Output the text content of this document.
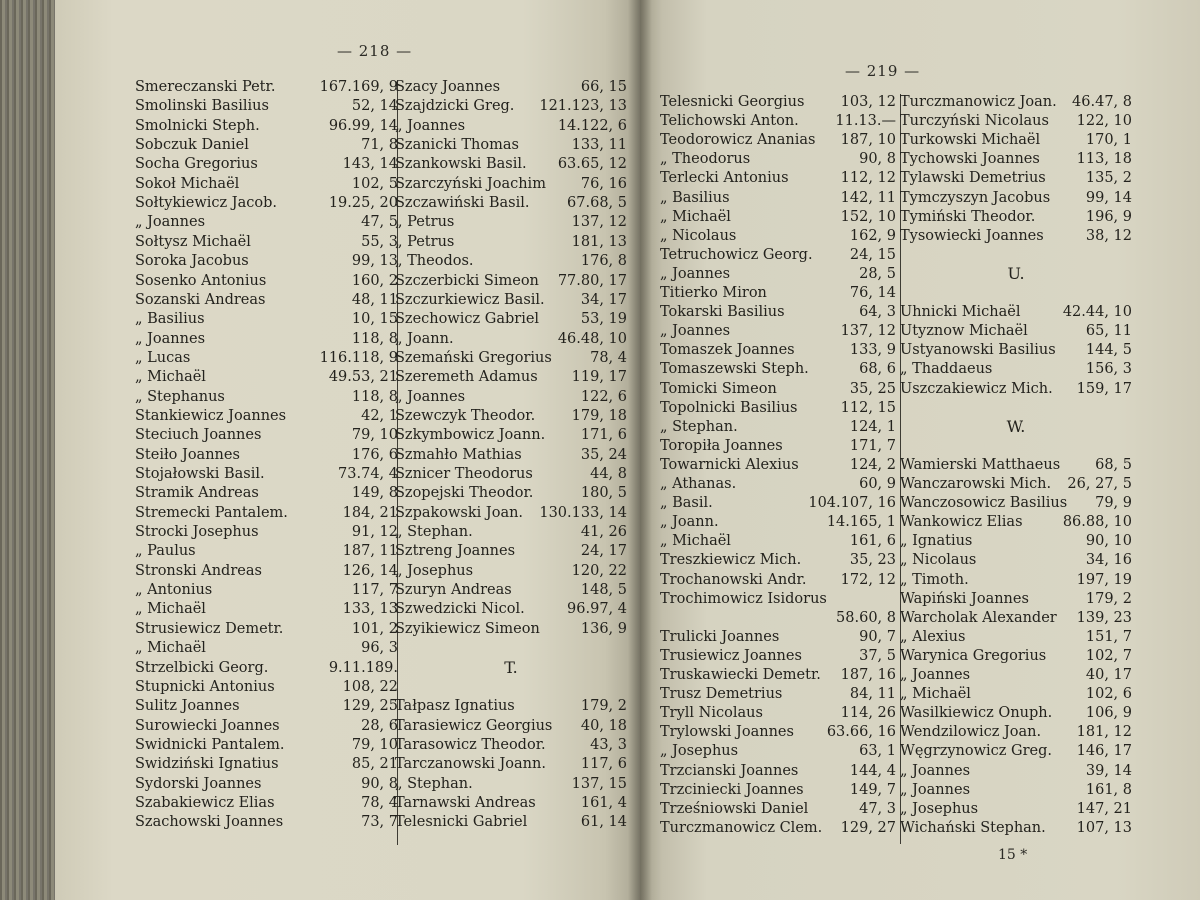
— 218 —
Smereczanski Petr.	167.169, 9
Smolinski Basilius	52, 14
Smolnicki Steph.	96.99, 14
Sobczuk Daniel	71, 8
Socha Gregorius	143, 14
Sokoł Michaël	102, 5
Sołtykiewicz Jacob.	19.25, 20
„ Joannes	47, 5
Sołtysz Michaël	55, 3
Soroka Jacobus	99, 13
Sosenko Antonius	160, 2
Sozanski Andreas	48, 11
„ Basilius	10, 15
„ Joannes	118, 8
„ Lucas	116.118, 9
„ Michaël	49.53, 21
„ Stephanus	118, 8
Stankiewicz Joannes	42, 1
Steciuch Joannes	79, 10
Steiło Joannes	176, 6
Stojałowski Basil.	73.74, 4
Stramik Andreas	149, 8
Stremecki Pantalem.	184, 21
Strocki Josephus	91, 12
„ Paulus	187, 11
Stronski Andreas	126, 14
„ Antonius	117, 7
„ Michaël	133, 13
Strusiewicz Demetr.	101, 2
„ Michaël	96, 3
Strzelbicki Georg.	9.11.189.
Stupnicki Antonius	108, 22
Sulitz Joannes	129, 25
Surowiecki Joannes	28, 6
Swidnicki Pantalem.	79, 10
Swidziński Ignatius	85, 21
Sydorski Joannes	90, 8
Szabakiewicz Elias	78, 4
Szachowski Joannes	73, 7
Szacy Joannes	66, 15
Szajdzicki Greg. 121.123, 13
„ Joannes	14.122, 6
Szanicki Thomas	133, 11
Szankowski Basil. 63.65, 12
Szarczyński Joachim 76, 16
Szczawiński Basil.	67.68, 5
„ Petrus	137, 12
„ Petrus	181, 13
„ Theodos.	176, 8
Szczerbicki Simeon 77.80, 17
Szczurkiewicz Basil. 34, 17
Szechowicz Gabriel	53, 19
„ Joann.	46.48, 10
Szemański Gregorius	78, 4
Szeremeth Adamus 119, 17
„ Joannes	122, 6
Szewczyk Theodor.	179, 18
Szkymbowicz Joann. 171, 6
Szmahło Mathias	35, 24
Sznicer Theodorus	44, 8
Szopejski Theodor.	180, 5
Szpakowski Joan. 130.133, 14
„ Stephan.	41, 26
Sztreng Joannes	24, 17
„ Josephus	120, 22
Szuryn Andreas	148, 5
Szwedzicki Nicol.	96.97, 4
Szyikiewicz Simeon	136, 9
T.
Tałpasz Ignatius	179, 2
Tarasiewicz Georgius 40, 18
Tarasowicz Theodor.	43, 3
Tarczanowski Joann. 117, 6
„ Stephan.	137, 15
Tarnawski Andreas	161, 4
Telesnicki Gabriel	61, 14
— 219 —
Telesnicki Georgius 103, 12
Telichowski Anton.	11.13.—
Teodorowicz Ananias 187, 10
„ Theodorus	90, 8
Terlecki Antonius	112, 12
„ Basilius	142, 11
„ Michaël	152, 10
„ Nicolaus	162, 9
Tetruchowicz Georg.	24, 15
„ Joannes	28, 5
Titierko Miron	76, 14
Tokarski Basilius	64, 3
„ Joannes	137, 12
Tomaszek Joannes	133, 9
Tomaszewski Steph.	68, 6
Tomicki Simeon	35, 25
Topolnicki Basilius	112, 15
„ Stephan.	124, 1
Toropiła Joannes	171, 7
Towarnicki Alexius	124, 2
„ Athanas.	60, 9
„ Basil.	104.107, 16
„ Joann.	14.165, 1
„ Michaël	161, 6
Treszkiewicz Mich.	35, 23
Trochanowski Andr. 172, 12
Trochimowicz Isidorus
58.60, 8
Trulicki Joannes	90, 7
Trusiewicz Joannes	37, 5
Truskawiecki Demetr. 187, 16
Trusz Demetrius	84, 11
Tryll Nicolaus	114, 26
Trylowski Joannes 63.66, 16
„ Josephus	63, 1
Trzcianski Joannes	144, 4
Trzciniecki Joannes	149, 7
Trześniowski Daniel	47, 3
Turczmanowicz Clem. 129, 27
Turczmanowicz Joan. 46.47, 8
Turczyński Nicolaus 122, 10
Turkowski Michaël	170, 1
Tychowski Joannes	113, 18
Tylawski Demetrius	135, 2
Tymczyszyn Jacobus 99, 14
Tymiński Theodor.	196, 9
Tysowiecki Joannes	38, 12
U.
Uhnicki Michaël	42.44, 10
Utyznow Michaël	65, 11
Ustyanowski Basilius 144, 5
„ Thaddaeus	156, 3
Uszczakiewicz Mich. 159, 17
W.
Wamierski Matthaeus 68, 5
Wanczarowski Mich. 26, 27, 5
Wanczosowicz Basilius 79, 9
Wankowicz Elias	86.88, 10
„ Ignatius	90, 10
„ Nicolaus	34, 16
„ Timoth.	197, 19
Wapiński Joannes	179, 2
Warcholak Alexander 139, 23
„ Alexius	151, 7
Warynica Gregorius	102, 7
„ Joannes	40, 17
„ Michaël	102, 6
Wasilkiewicz Onuph. 106, 9
Wendzilowicz Joan. 181, 12
Węgrzynowicz Greg. 146, 17
„ Joannes	39, 14
„ Joannes	161, 8
„ Josephus	147, 21
Wichański Stephan. 107, 13
15 *
